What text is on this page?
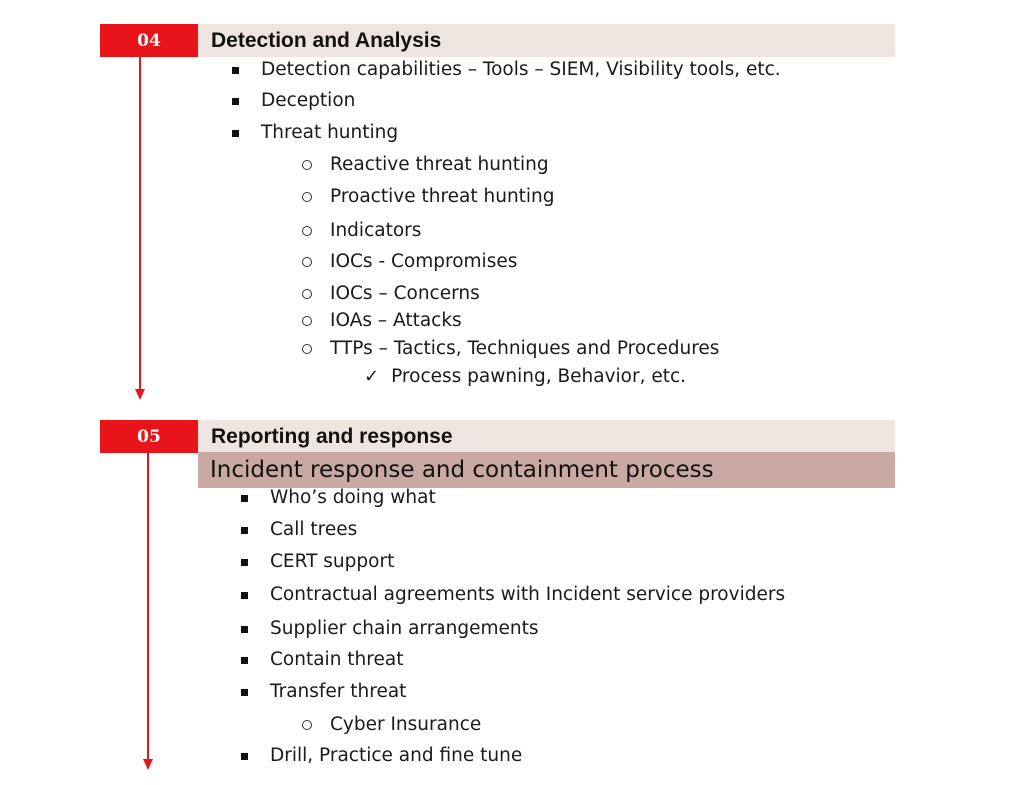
04	Detection and Analysis
Detection capabilities – Tools – SIEM, Visibility tools, etc.
Deception
Threat hunting
Reactive threat hunting
Proactive threat hunting
Indicators
IOCs - Compromises
IOCs – Concerns
IOAs – Attacks
TTPs – Tactics, Techniques and Procedures
✓ Process pawning, Behavior, etc.
05	Reporting and response
Incident response and containment process
Who’s doing what
Call trees
CERT support
Contractual agreements with Incident service providers
Supplier chain arrangements
Contain threat
Transfer threat
Cyber Insurance
Drill, Practice and fine tune
